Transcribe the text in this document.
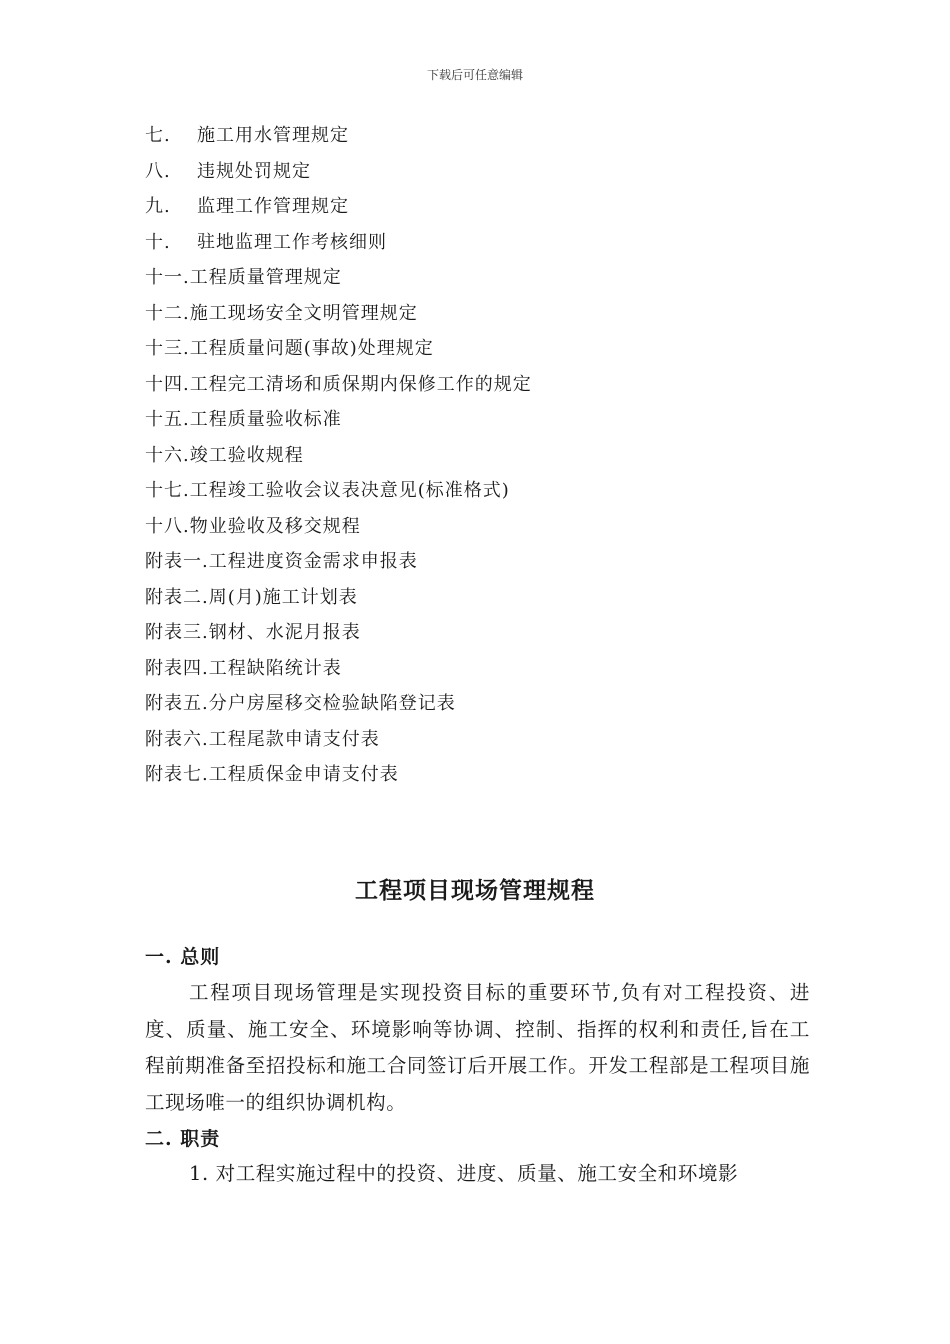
下载后可任意编辑
七. 施工用水管理规定
八. 违规处罚规定
九. 监理工作管理规定
十. 驻地监理工作考核细则
十一.工程质量管理规定
十二.施工现场安全文明管理规定
十三.工程质量问题(事故)处理规定
十四.工程完工清场和质保期内保修工作的规定
十五.工程质量验收标准
十六.竣工验收规程
十七.工程竣工验收会议表决意见(标准格式)
十八.物业验收及移交规程
附表一.工程进度资金需求申报表
附表二.周(月)施工计划表
附表三.钢材、水泥月报表
附表四.工程缺陷统计表
附表五.分户房屋移交检验缺陷登记表
附表六.工程尾款申请支付表
附表七.工程质保金申请支付表
工程项目现场管理规程
一. 总则

工程项目现场管理是实现投资目标的重要环节,负有对工程投资、进度、质量、施工安全、环境影响等协调、控制、指挥的权利和责任,旨在工程前期准备至招投标和施工合同签订后开展工作。开发工程部是工程项目施工现场唯一的组织协调机构。

二. 职责
1. 对工程实施过程中的投资、进度、质量、施工安全和环境影
